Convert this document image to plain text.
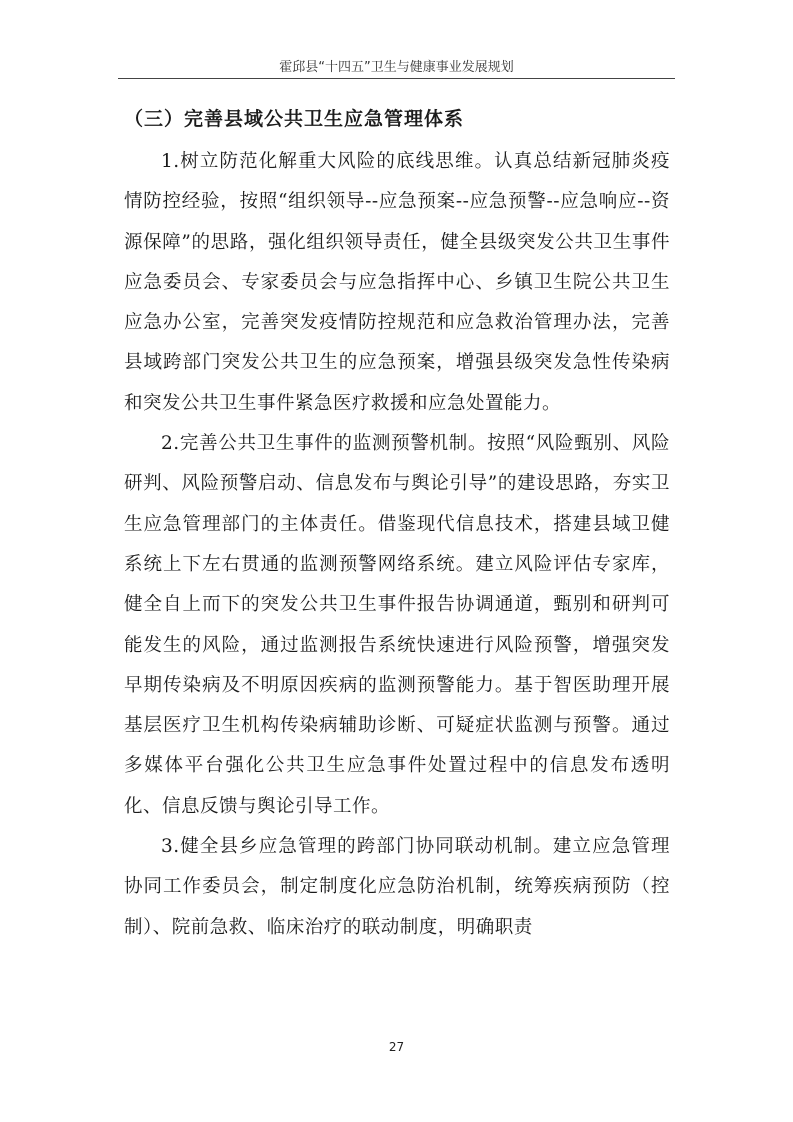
霍邱县“十四五”卫生与健康事业发展规划
（三）完善县域公共卫生应急管理体系

1.树立防范化解重大风险的底线思维。认真总结新冠肺炎疫情防控经验，按照“组织领导--应急预案--应急预警--应急响应--资源保障”的思路，强化组织领导责任，健全县级突发公共卫生事件应急委员会、专家委员会与应急指挥中心、乡镇卫生院公共卫生应急办公室，完善突发疫情防控规范和应急救治管理办法，完善县域跨部门突发公共卫生的应急预案，增强县级突发急性传染病和突发公共卫生事件紧急医疗救援和应急处置能力。

2.完善公共卫生事件的监测预警机制。按照“风险甄别、风险研判、风险预警启动、信息发布与舆论引导”的建设思路，夯实卫生应急管理部门的主体责任。借鉴现代信息技术，搭建县域卫健系统上下左右贯通的监测预警网络系统。建立风险评估专家库，健全自上而下的突发公共卫生事件报告协调通道，甄别和研判可能发生的风险，通过监测报告系统快速进行风险预警，增强突发早期传染病及不明原因疾病的监测预警能力。基于智医助理开展基层医疗卫生机构传染病辅助诊断、可疑症状监测与预警。通过多媒体平台强化公共卫生应急事件处置过程中的信息发布透明化、信息反馈与舆论引导工作。

3.健全县乡应急管理的跨部门协同联动机制。建立应急管理协同工作委员会，制定制度化应急防治机制，统筹疾病预防（控制）、院前急救、临床治疗的联动制度，明确职责

27
